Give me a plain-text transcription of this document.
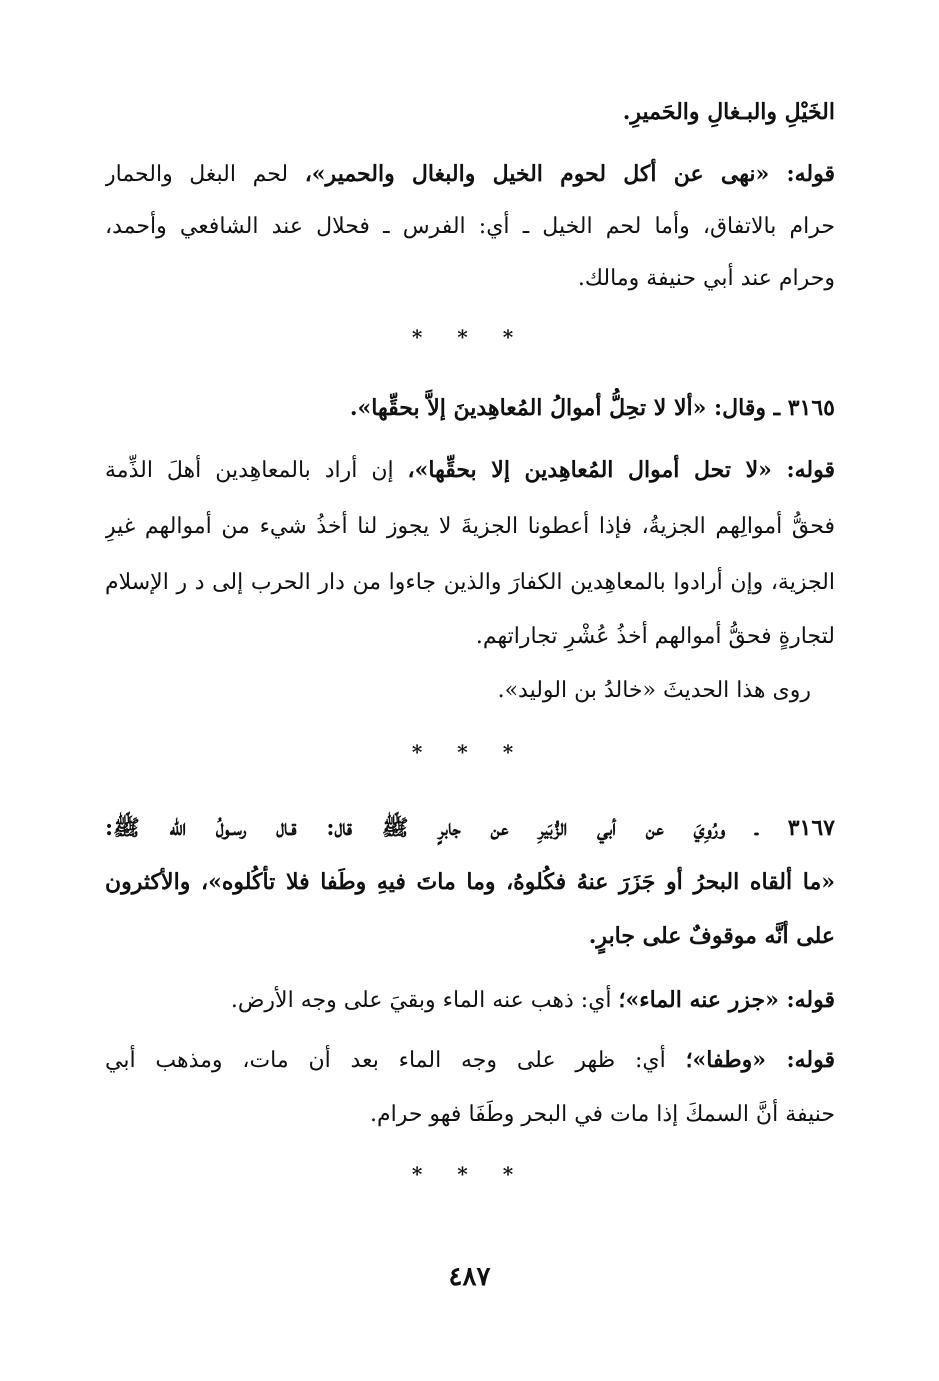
الخَيْلِ والبـغالِ والحَميرِ.
قوله: «نهى عن أكل لحوم الخيل والبغال والحمير»، لحم البغل والحمار
حرام بالاتفاق، وأما لحم الخيل ـ أي: الفرس ـ فحلال عند الشافعي وأحمد،
وحرام عند أبي حنيفة ومالك.
* * *
٣١٦٥ ـ وقال: «ألا لا تحِلُّ أموالُ المُعاهِدينَ إلاَّ بحقِّها».
قوله: «لا تحل أموال المُعاهِدين إلا بحقِّها»، إن أراد بالمعاهِدين أهلَ الذِّمة
فحقُّ أموالِهم الجزيةُ، فإذا أعطونا الجزيةَ لا يجوز لنا أخذُ شيء من أموالهم غيرِ
الجزية، وإن أرادوا بالمعاهِدين الكفارَ والذين جاءوا من دار الحرب إلى د ر الإسلام
لتجارةٍ فحقُّ أموالهم أخذُ عُشْرِ تجاراتهم.
روى هذا الحديثَ «خالدُ بن الوليد».
* * *
٣١٦٧ ـ ورُوِيَ عن أبي الزُّبَيرِ عن جابرٍ ﷺ قال: قـال رسـولُ الله ﷺ:
«ما ألقاه البحرُ أو جَزَرَ عنهُ فكُلوهُ، وما ماتَ فيهِ وطَفا فلا تأكُلوه»، والأكثرون
على أنَّه موقوفٌ على جابرٍ.
قوله: «جزر عنه الماء»؛ أي: ذهب عنه الماء وبقيَ على وجه الأرض.
قوله: «وطفا»؛ أي: ظهر على وجه الماء بعد أن مات، ومذهب أبي
حنيفة أنَّ السمكَ إذا مات في البحر وطَفَا فهو حرام.
* * *
٤٨٧
